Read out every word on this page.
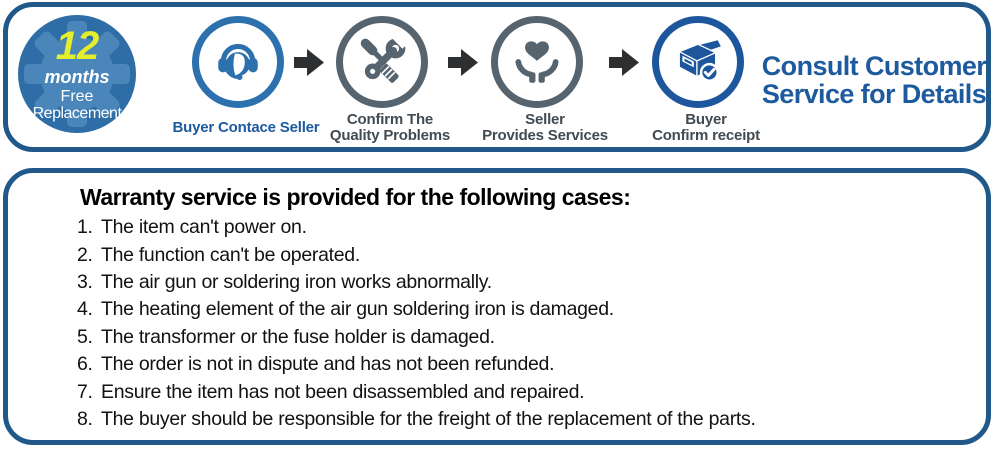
12
months
Free
Replacement
Buyer Contace Seller	Confirm The
Quality Problems
Seller
Provides Services
Buyer
Confirm receipt
Consult Customer
Service for Details
Warranty service is provided for the following cases:
1. The item can't power on.
2. The function can't be operated.
3. The air gun or soldering iron works abnormally.
4. The heating element of the air gun soldering iron is damaged.
5. The transformer or the fuse holder is damaged.
6. The order is not in dispute and has not been refunded.
7. Ensure the item has not been disassembled and repaired.
8. The buyer should be responsible for the freight of the replacement of the parts.
